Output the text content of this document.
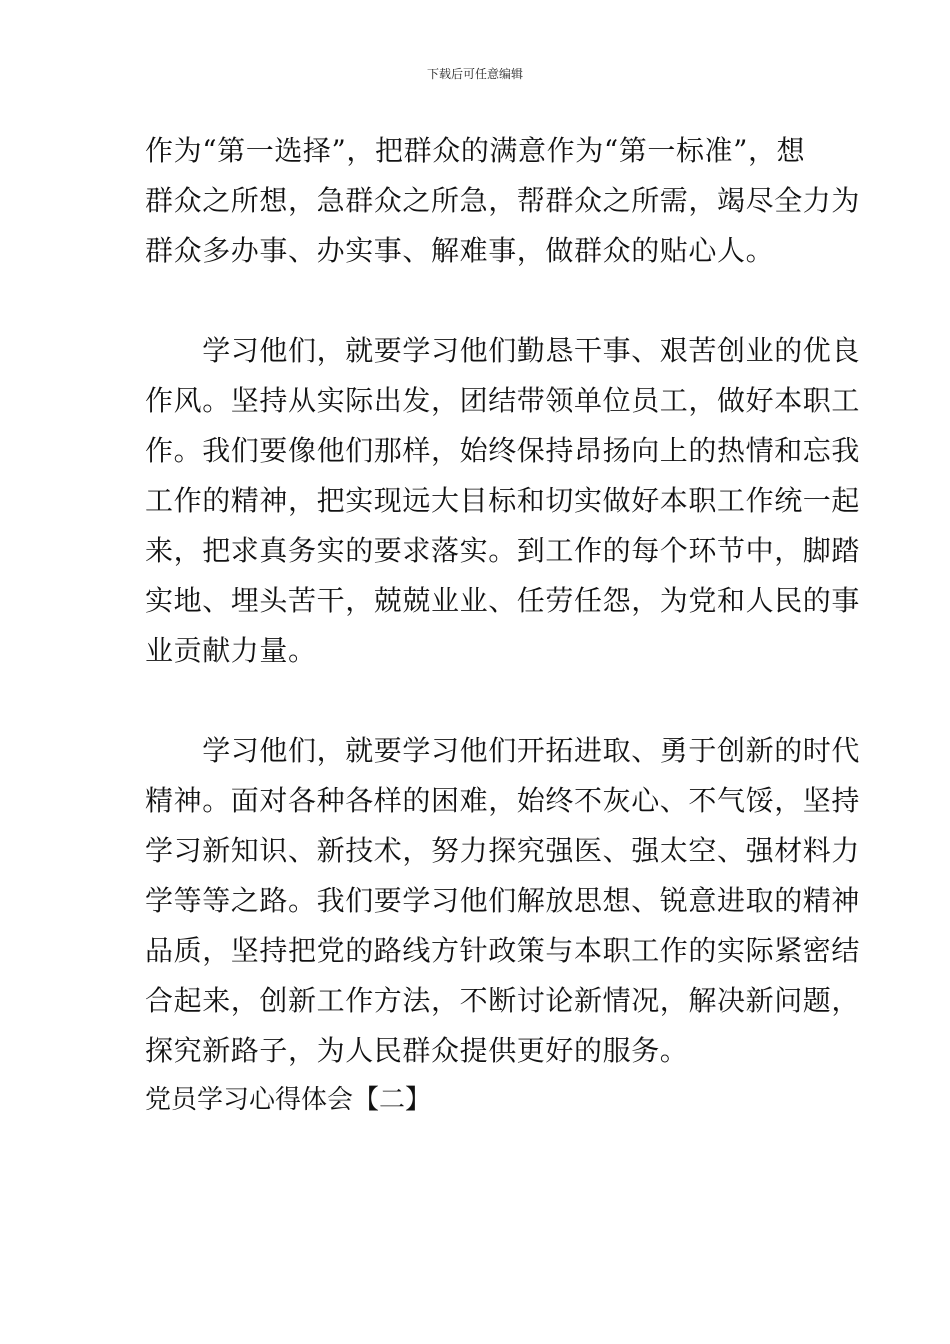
下载后可任意编辑
作为“第一选择”，把群众的满意作为“第一标准”，想
群众之所想，急群众之所急，帮群众之所需，竭尽全力为
群众多办事、办实事、解难事，做群众的贴心人。
　　学习他们，就要学习他们勤恳干事、艰苦创业的优良
作风。坚持从实际出发，团结带领单位员工，做好本职工
作。我们要像他们那样，始终保持昂扬向上的热情和忘我
工作的精神，把实现远大目标和切实做好本职工作统一起
来，把求真务实的要求落实。到工作的每个环节中，脚踏
实地、埋头苦干，兢兢业业、任劳任怨，为党和人民的事
业贡献力量。
　　学习他们，就要学习他们开拓进取、勇于创新的时代
精神。面对各种各样的困难，始终不灰心、不气馁，坚持
学习新知识、新技术，努力探究强医、强太空、强材料力
学等等之路。我们要学习他们解放思想、锐意进取的精神
品质，坚持把党的路线方针政策与本职工作的实际紧密结
合起来，创新工作方法，不断讨论新情况，解决新问题，
探究新路子，为人民群众提供更好的服务。
党员学习心得体会【二】
